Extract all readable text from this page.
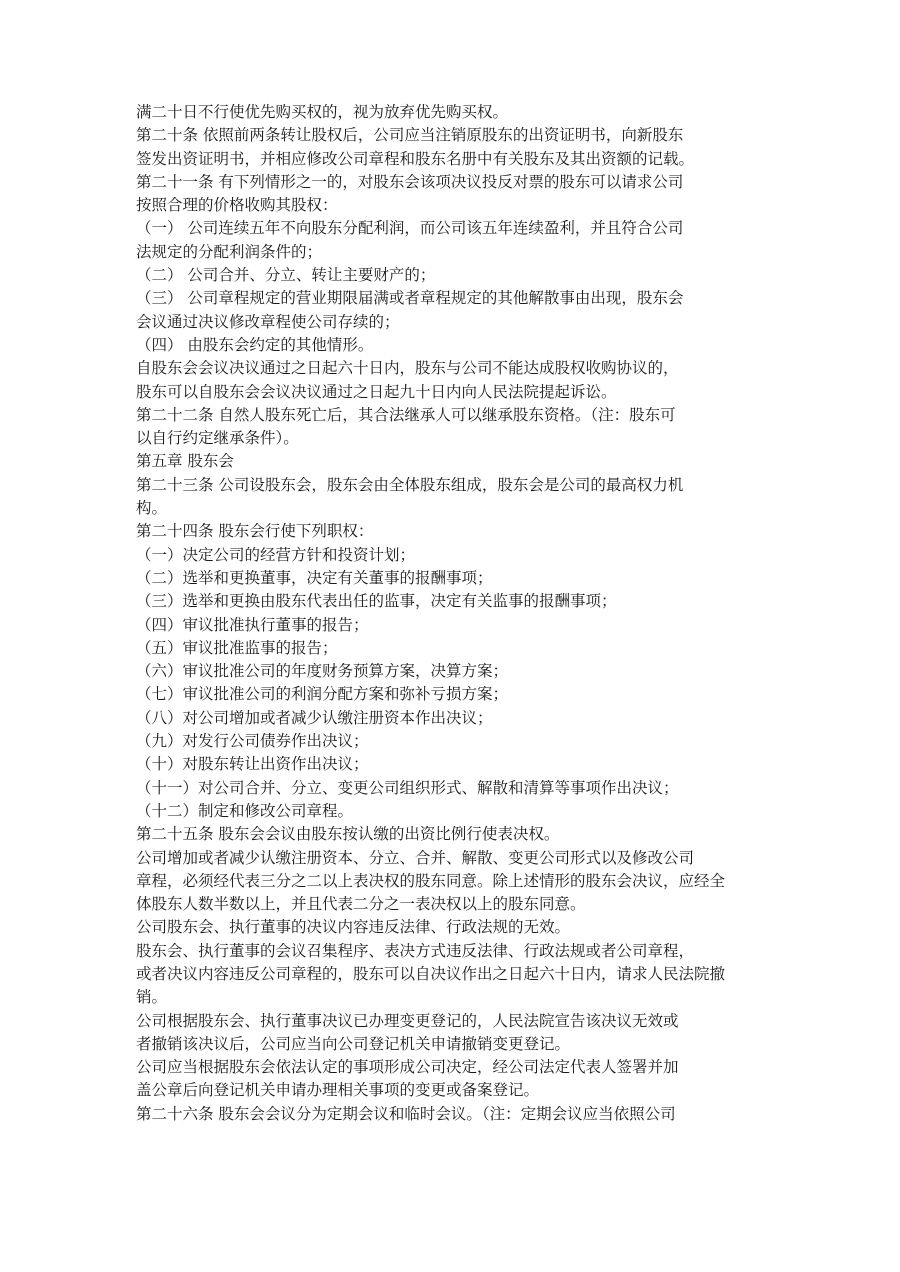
满二十日不行使优先购买权的，视为放弃优先购买权。
第二十条 依照前两条转让股权后，公司应当注销原股东的出资证明书，向新股东
签发出资证明书，并相应修改公司章程和股东名册中有关股东及其出资额的记载。
第二十一条 有下列情形之一的，对股东会该项决议投反对票的股东可以请求公司
按照合理的价格收购其股权：
（一） 公司连续五年不向股东分配利润，而公司该五年连续盈利，并且符合公司
法规定的分配利润条件的；
（二） 公司合并、分立、转让主要财产的；
（三） 公司章程规定的营业期限届满或者章程规定的其他解散事由出现，股东会
会议通过决议修改章程使公司存续的；
（四） 由股东会约定的其他情形。
自股东会会议决议通过之日起六十日内，股东与公司不能达成股权收购协议的，
股东可以自股东会会议决议通过之日起九十日内向人民法院提起诉讼。
第二十二条 自然人股东死亡后，其合法继承人可以继承股东资格。（注：股东可
以自行约定继承条件）。
第五章 股东会
第二十三条 公司设股东会，股东会由全体股东组成，股东会是公司的最高权力机
构。
第二十四条 股东会行使下列职权：
（一）决定公司的经营方针和投资计划；
（二）选举和更换董事，决定有关董事的报酬事项；
（三）选举和更换由股东代表出任的监事，决定有关监事的报酬事项；
（四）审议批准执行董事的报告；
（五）审议批准监事的报告；
（六）审议批准公司的年度财务预算方案，决算方案；
（七）审议批准公司的利润分配方案和弥补亏损方案；
（八）对公司增加或者减少认缴注册资本作出决议；
（九）对发行公司债券作出决议；
（十）对股东转让出资作出决议；
（十一）对公司合并、分立、变更公司组织形式、解散和清算等事项作出决议；
（十二）制定和修改公司章程。
第二十五条 股东会会议由股东按认缴的出资比例行使表决权。
公司增加或者减少认缴注册资本、分立、合并、解散、变更公司形式以及修改公司
章程，必须经代表三分之二以上表决权的股东同意。除上述情形的股东会决议，应经全
体股东人数半数以上，并且代表二分之一表决权以上的股东同意。
公司股东会、执行董事的决议内容违反法律、行政法规的无效。
股东会、执行董事的会议召集程序、表决方式违反法律、行政法规或者公司章程，
或者决议内容违反公司章程的，股东可以自决议作出之日起六十日内，请求人民法院撤
销。
公司根据股东会、执行董事决议已办理变更登记的，人民法院宣告该决议无效或
者撤销该决议后，公司应当向公司登记机关申请撤销变更登记。
公司应当根据股东会依法认定的事项形成公司决定，经公司法定代表人签署并加
盖公章后向登记机关申请办理相关事项的变更或备案登记。
第二十六条 股东会会议分为定期会议和临时会议。（注：定期会议应当依照公司
